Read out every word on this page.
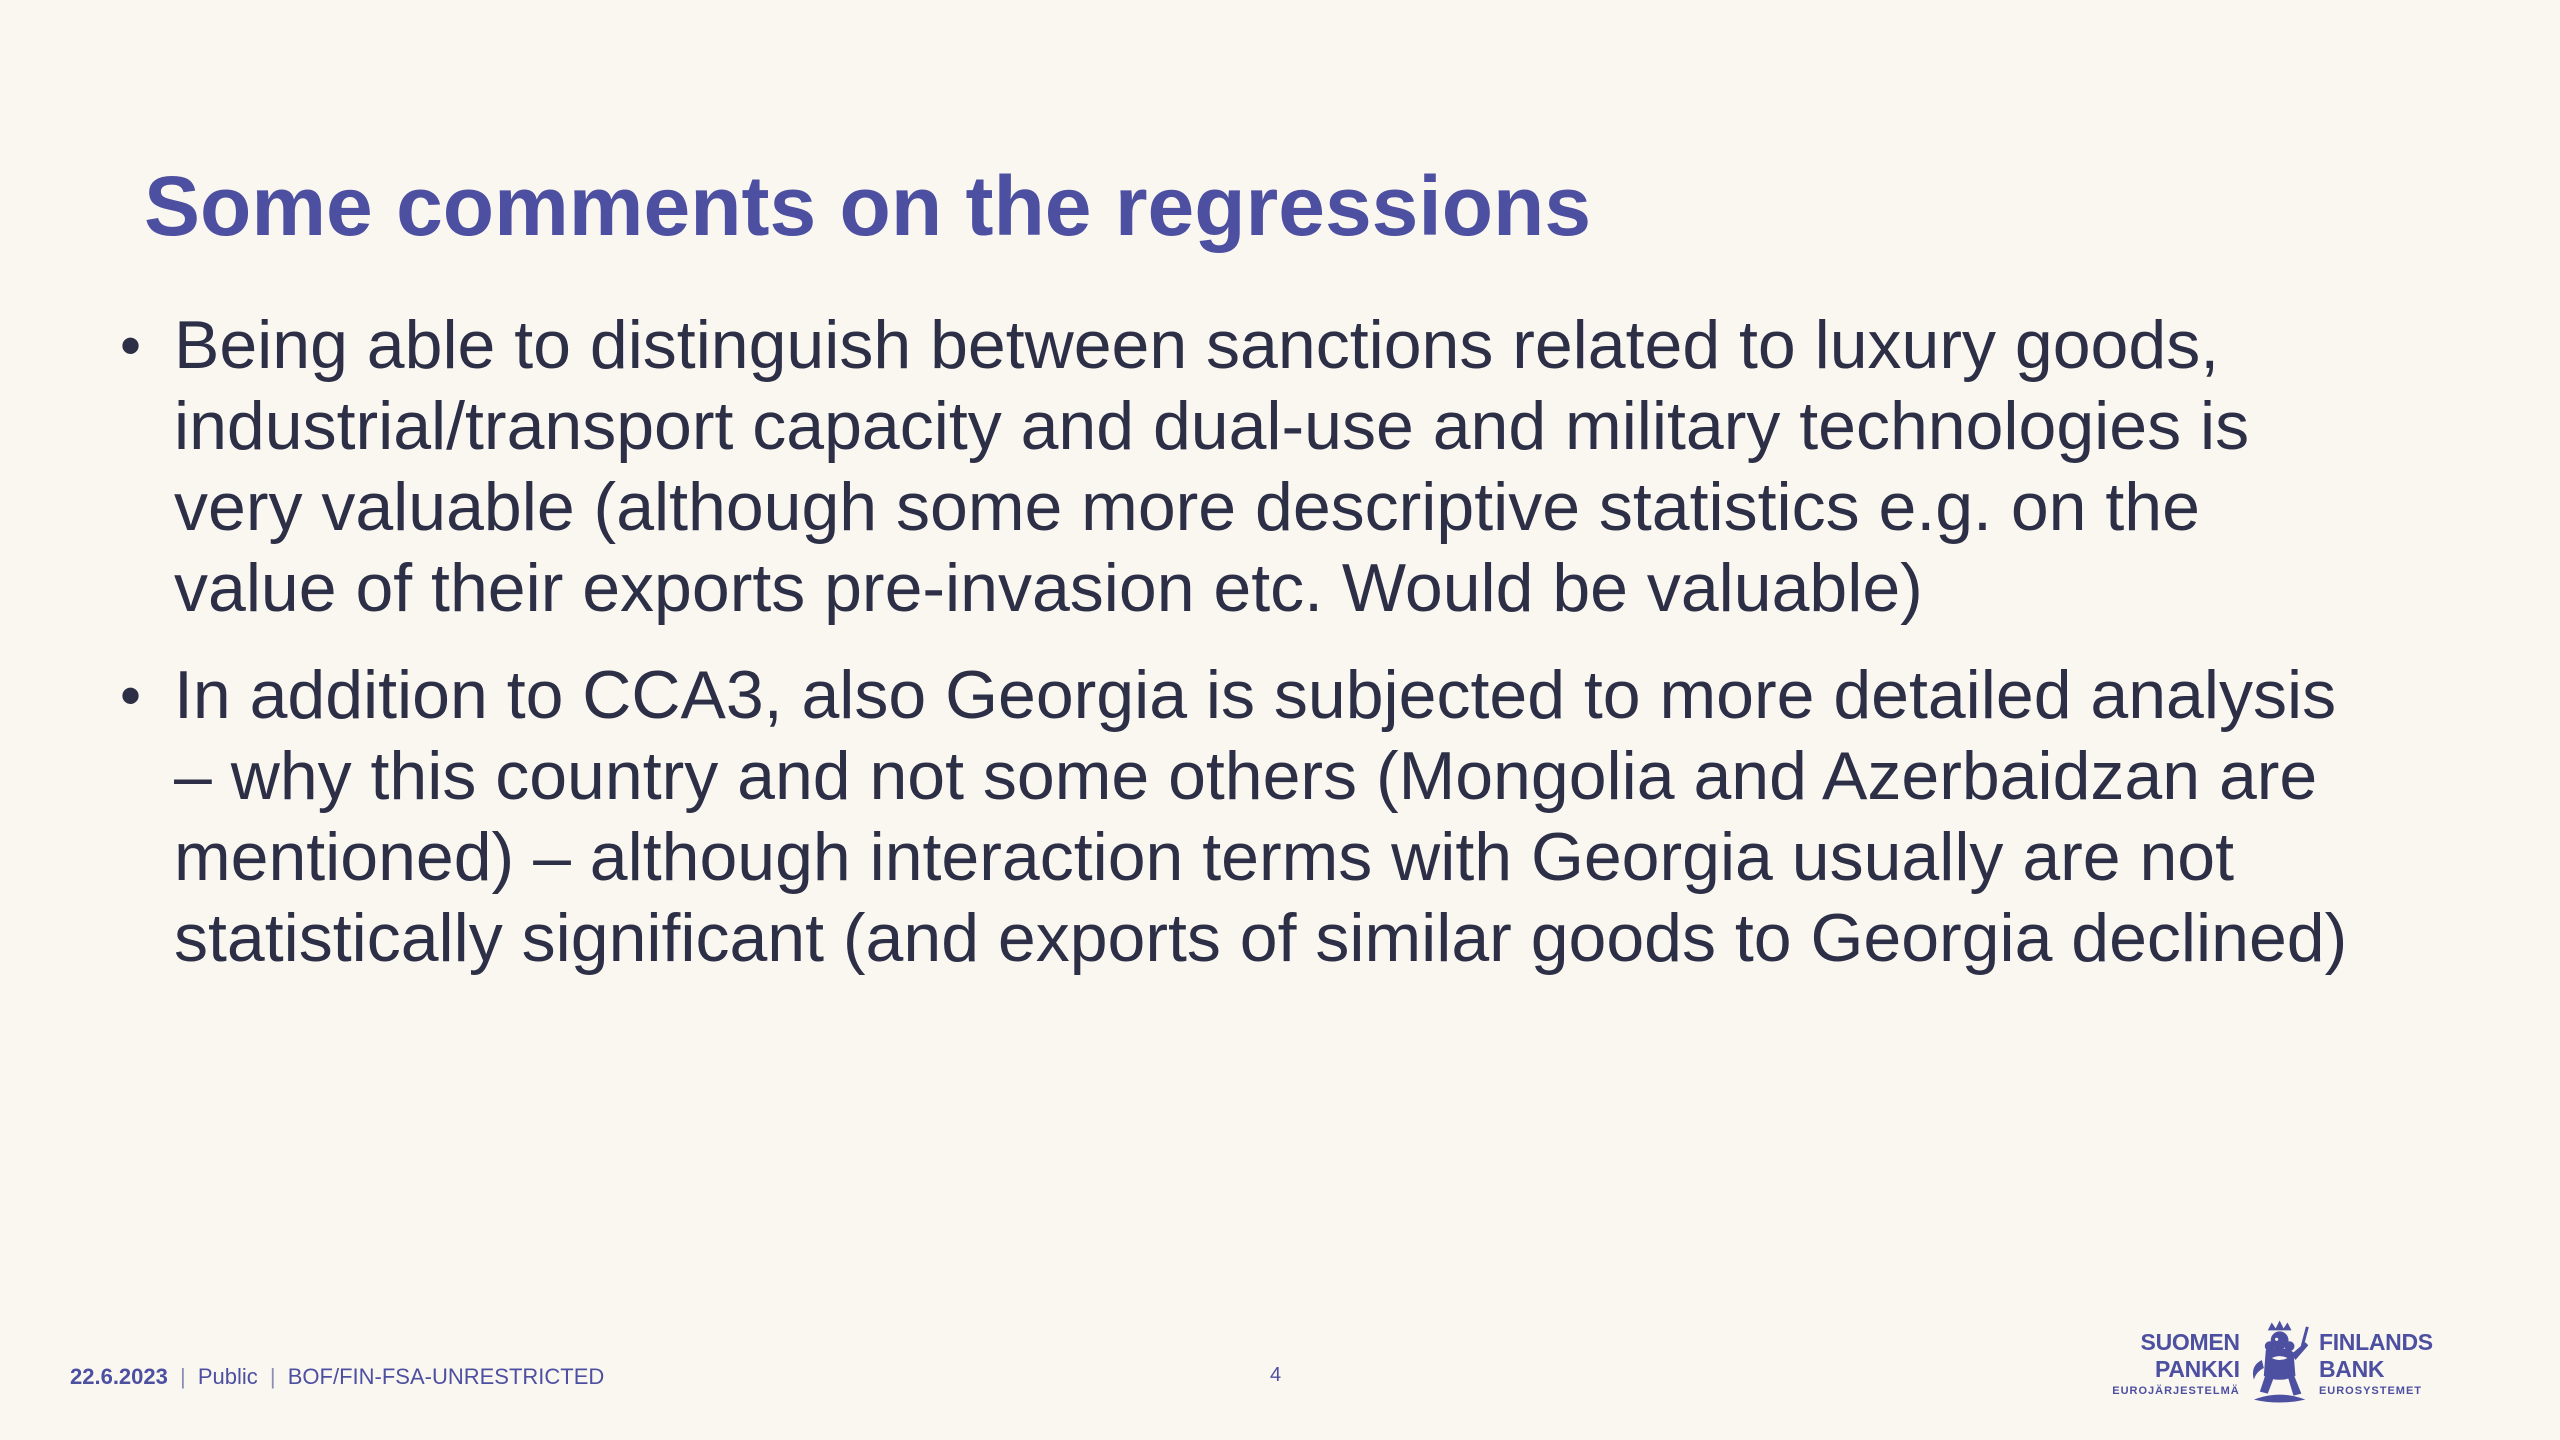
Some comments on the regressions
• Being able to distinguish between sanctions related to luxury goods, industrial/transport capacity and dual-use and military technologies is very valuable (although some more descriptive statistics e.g. on the value of their exports pre-invasion etc. Would be valuable)
• In addition to CCA3, also Georgia is subjected to more detailed analysis – why this country and not some others (Mongolia and Azerbaidzan are mentioned) – although interaction terms with Georgia usually are not statistically significant (and exports of similar goods to Georgia declined)
22.6.2023 | Public | BOF/FIN-FSA-UNRESTRICTED	4
SUOMEN PANKKI
EUROJÄRJESTELMÄ
FINLANDS BANK
EUROSYSTEMET
